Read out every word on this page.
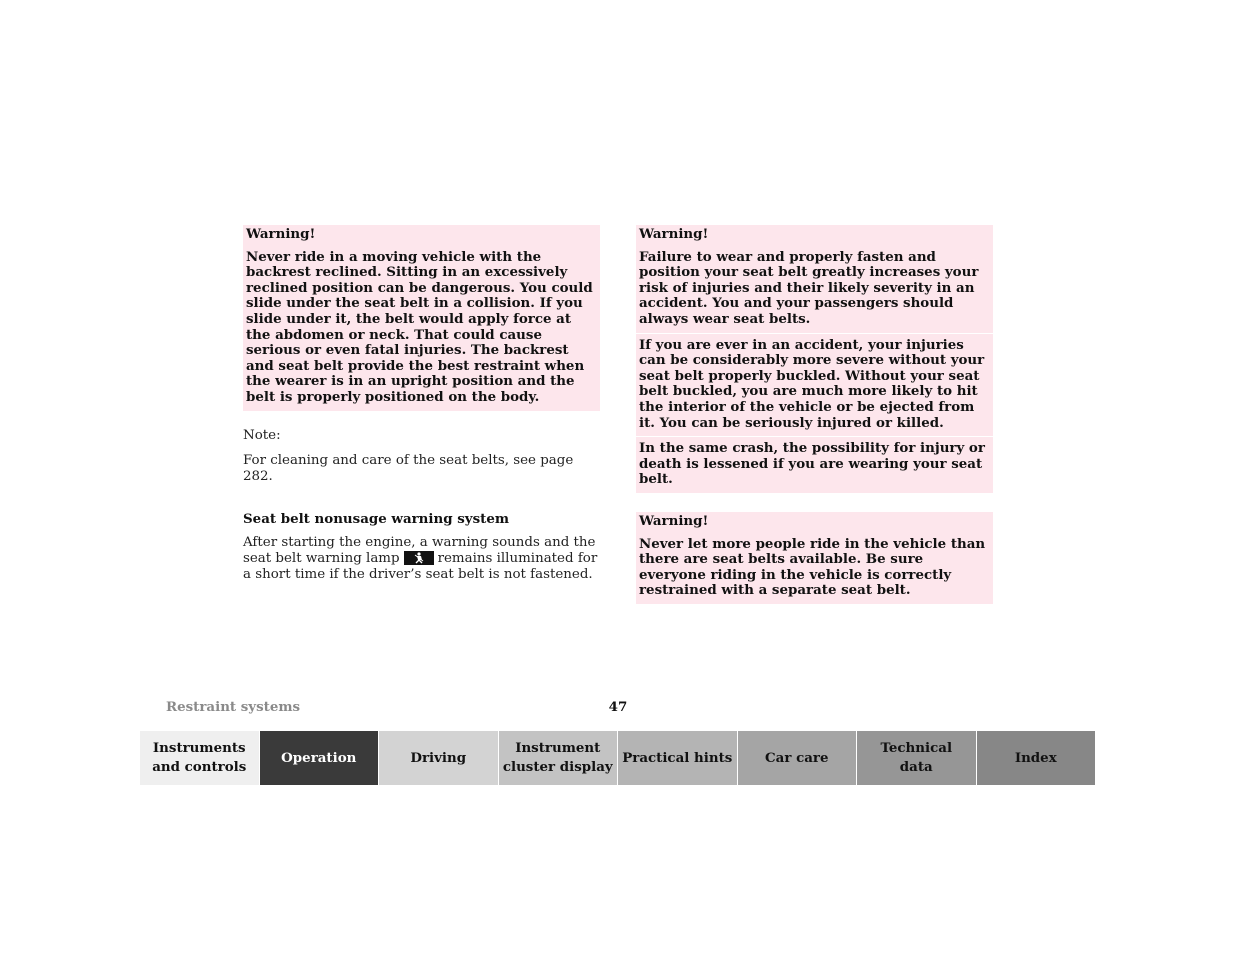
Warning!
Never ride in a moving vehicle with the backrest reclined. Sitting in an excessively reclined position can be dangerous. You could slide under the seat belt in a collision. If you slide under it, the belt would apply force at the abdomen or neck. That could cause serious or even fatal injuries. The backrest and seat belt provide the best restraint when the wearer is in an upright position and the belt is properly positioned on the body.
Note:
For cleaning and care of the seat belts, see page 282.
Seat belt nonusage warning system
After starting the engine, a warning sounds and the seat belt warning lamp	remains illuminated for a short time if the driver’s seat belt is not fastened.
Warning!
Failure to wear and properly fasten and position your seat belt greatly increases your risk of injuries and their likely severity in an accident. You and your passengers should always wear seat belts.
If you are ever in an accident, your injuries can be considerably more severe without your seat belt properly buckled. Without your seat belt buckled, you are much more likely to hit the interior of the vehicle or be ejected from it. You can be seriously injured or killed.
In the same crash, the possibility for injury or death is lessened if you are wearing your seat belt.
Warning!
Never let more people ride in the vehicle than there are seat belts available. Be sure everyone riding in the vehicle is correctly restrained with a separate seat belt.
Restraint systems	47
Instruments
and controls
Operation	Driving
Instrument
cluster display
Practical hints	Car care
Technical
data
Index
